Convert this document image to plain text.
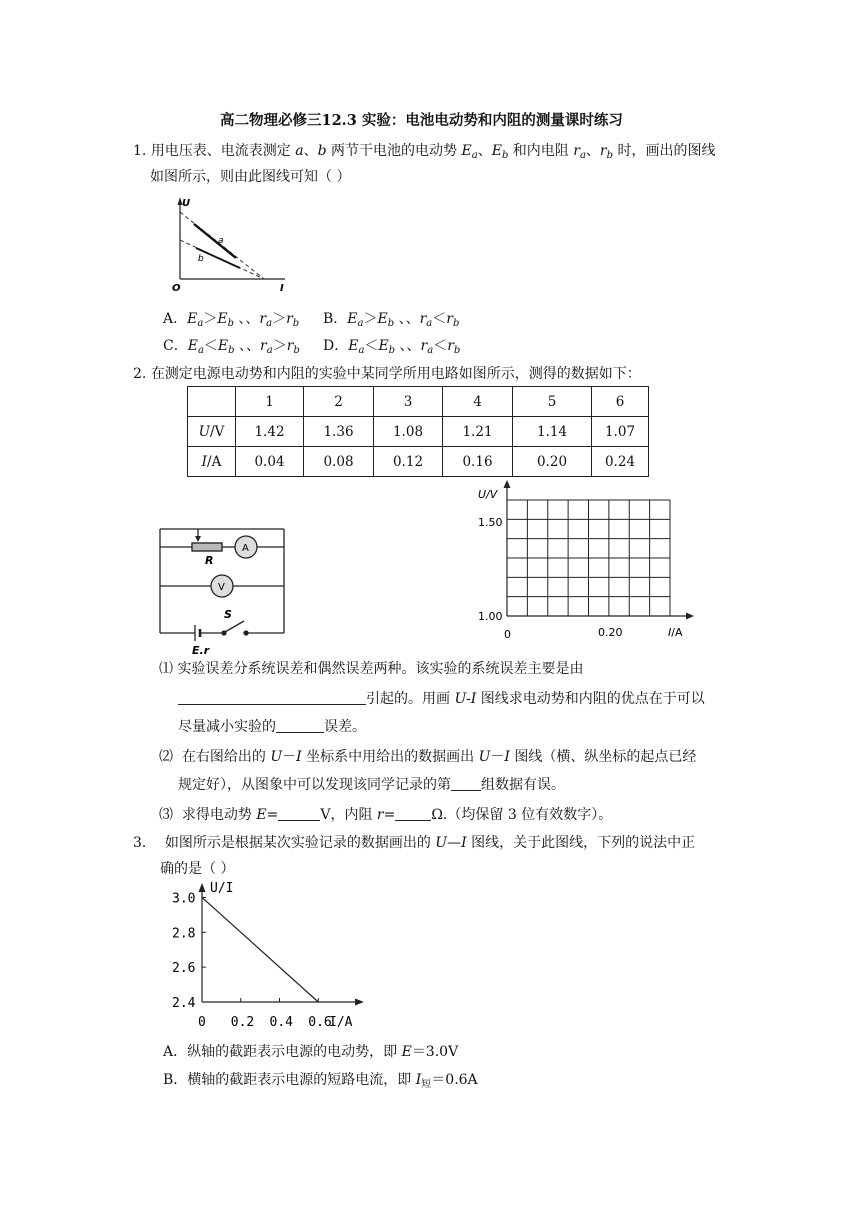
高二物理必修三12.3 实验：电池电动势和内阻的测量课时练习
1. 用电压表、电流表测定 a、b 两节干电池的电动势 $E_a$、$E_b$ 和内电阻 $r_a$、$r_b$ 时，画出的图线
如图所示，则由此图线可知（ ）
U
I
O
a
b
A．$E_a>E_b$ 、、$r_a>r_b$ B．$E_a>E_b$ 、、$r_a<r_b$
C．$E_a<E_b$ 、、$r_a>r_b$ D．$E_a<E_b$ 、、$r_a<r_b$
2. 在测定电源电动势和内阻的实验中某同学所用电路如图所示，测得的数据如下：
	1	2	3	4	5	6
U/V	1.42	1.36	1.08	1.21	1.14	1.07
I/A	0.04	0.08	0.12	0.16	0.20	0.24
R
A
V
S
E.r
U/V
1.50
1.00
0	0.20	I/A
⑴ 实验误差分系统误差和偶然误差两种。该实验的系统误差主要是由
引起的。用画 U-I 图线求电动势和内阻的优点在于可以
尽量减小实验的	误差。
⑵ 在右图给出的 U－I 坐标系中用给出的数据画出 U－I 图线（横、纵坐标的起点已经
规定好），从图象中可以发现该同学记录的第 组数据有误。
⑶ 求得电动势 E=	V，内阻 r=	Ω.（均保留 3 位有效数字）。
3． 如图所示是根据某次实验记录的数据画出的 U—I 图线，关于此图线，下列的说法中正
确的是（ ）
2.4
2.6
2.8
3.0
0 0.2 0.4 0.6
U/I
I/A
A．纵轴的截距表示电源的电动势，即 E＝3.0V
B．横轴的截距表示电源的短路电流，即 $I_短=0.6A$
